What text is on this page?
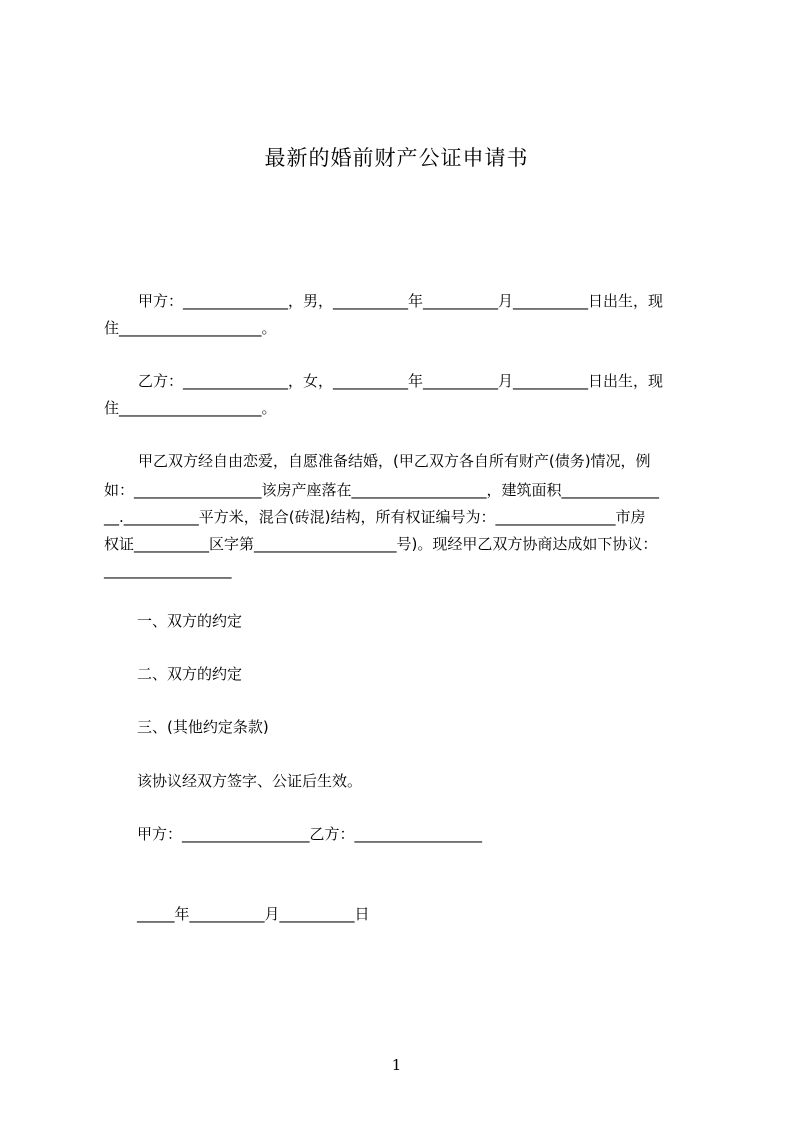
最新的婚前财产公证申请书
甲方：______________，男，__________年__________月__________日出生，现
住___________________。
乙方：______________，女，__________年__________月__________日出生，现
住___________________。
甲乙双方经自由恋爱，自愿准备结婚，(甲乙双方各自所有财产(债务)情况，例
如：_________________该房产座落在__________________，建筑面积_____________
__.__________平方米，混合(砖混)结构，所有权证编号为：________________市房
权证__________区字第___________________号)。现经甲乙双方协商达成如下协议：
_________________
一、双方的约定
二、双方的约定
三、(其他约定条款)
该协议经双方签字、公证后生效。
甲方：_________________乙方：_________________
_____年__________月__________日
1
